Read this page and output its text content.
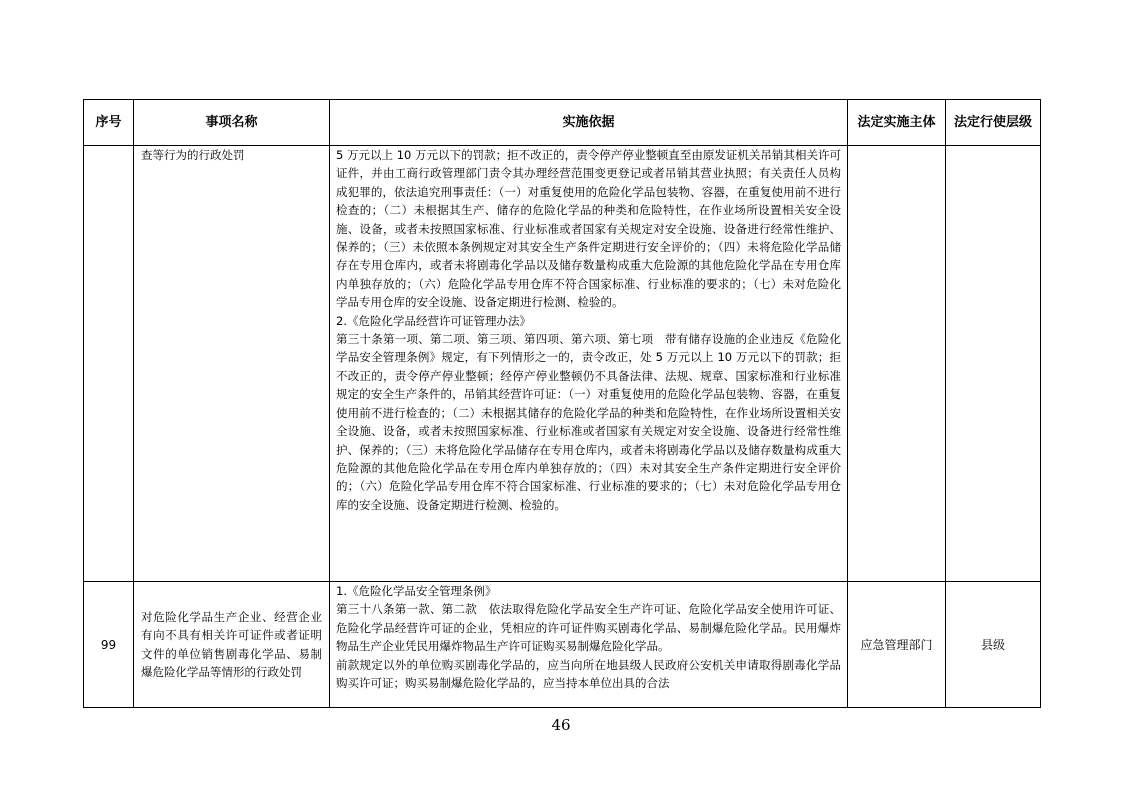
序号	事项名称	实施依据	法定实施主体	法定行使层级
	查等行为的行政处罚	5 万元以上 10 万元以下的罚款；拒不改正的，责令停产停业整顿直至由原发证机关吊销其相关许可证件，并由工商行政管理部门责令其办理经营范围变更登记或者吊销其营业执照；有关责任人员构成犯罪的，依法追究刑事责任：（一）对重复使用的危险化学品包装物、容器，在重复使用前不进行检查的；（二）未根据其生产、储存的危险化学品的种类和危险特性，在作业场所设置相关安全设施、设备，或者未按照国家标准、行业标准或者国家有关规定对安全设施、设备进行经常性维护、保养的；（三）未依照本条例规定对其安全生产条件定期进行安全评价的；（四）未将危险化学品储存在专用仓库内，或者未将剧毒化学品以及储存数量构成重大危险源的其他危险化学品在专用仓库内单独存放的；（六）危险化学品专用仓库不符合国家标准、行业标准的要求的；（七）未对危险化学品专用仓库的安全设施、设备定期进行检测、检验的。

2.《危险化学品经营许可证管理办法》

第三十条第一项、第二项、第三项、第四项、第六项、第七项　带有储存设施的企业违反《危险化学品安全管理条例》规定，有下列情形之一的，责令改正，处 5 万元以上 10 万元以下的罚款；拒不改正的，责令停产停业整顿；经停产停业整顿仍不具备法律、法规、规章、国家标准和行业标准规定的安全生产条件的，吊销其经营许可证：（一）对重复使用的危险化学品包装物、容器，在重复使用前不进行检查的；（二）未根据其储存的危险化学品的种类和危险特性，在作业场所设置相关安全设施、设备，或者未按照国家标准、行业标准或者国家有关规定对安全设施、设备进行经常性维护、保养的；（三）未将危险化学品储存在专用仓库内，或者未将剧毒化学品以及储存数量构成重大危险源的其他危险化学品在专用仓库内单独存放的；（四）未对其安全生产条件定期进行安全评价的；（六）危险化学品专用仓库不符合国家标准、行业标准的要求的；（七）未对危险化学品专用仓库的安全设施、设备定期进行检测、检验的。		

99	对危险化学品生产企业、经营企业有向不具有相关许可证件或者证明文件的单位销售剧毒化学品、易制爆危险化学品等情形的行政处罚	1.《危险化学品安全管理条例》

第三十八条第一款、第二款　依法取得危险化学品安全生产许可证、危险化学品安全使用许可证、危险化学品经营许可证的企业，凭相应的许可证件购买剧毒化学品、易制爆危险化学品。民用爆炸物品生产企业凭民用爆炸物品生产许可证购买易制爆危险化学品。

前款规定以外的单位购买剧毒化学品的，应当向所在地县级人民政府公安机关申请取得剧毒化学品购买许可证；购买易制爆危险化学品的，应当持本单位出具的合法	应急管理部门	县级
46
